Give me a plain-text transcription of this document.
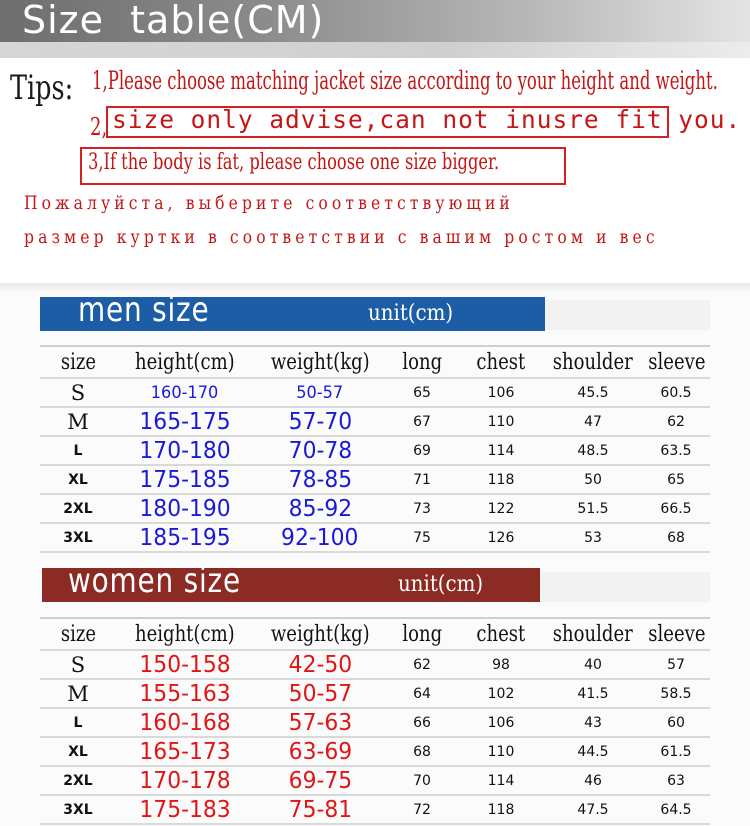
Size  table(CM)
Tips: 1,Please choose matching jacket size according to your height and weight.
2, size only advise,can not inusre fit you.
3,If the body is fat, please choose one size bigger.
Пожалуйста, выберите соответствующий
размер куртки в соответствии с вашим ростом и вес
men size	unit(cm)
size	height(cm)	weight(kg)	long	chest	shoulder	sleeve
S	160-170	50-57	65	106	45.5	60.5
M	165-175	57-70	67	110	47	62
L	170-180	70-78	69	114	48.5	63.5
XL	175-185	78-85	71	118	50	65
2XL	180-190	85-92	73	122	51.5	66.5
3XL	185-195	92-100	75	126	53	68
women size	unit(cm)
size	height(cm)	weight(kg)	long	chest	shoulder	sleeve
S	150-158	42-50	62	98	40	57
M	155-163	50-57	64	102	41.5	58.5
L	160-168	57-63	66	106	43	60
XL	165-173	63-69	68	110	44.5	61.5
2XL	170-178	69-75	70	114	46	63
3XL	175-183	75-81	72	118	47.5	64.5
